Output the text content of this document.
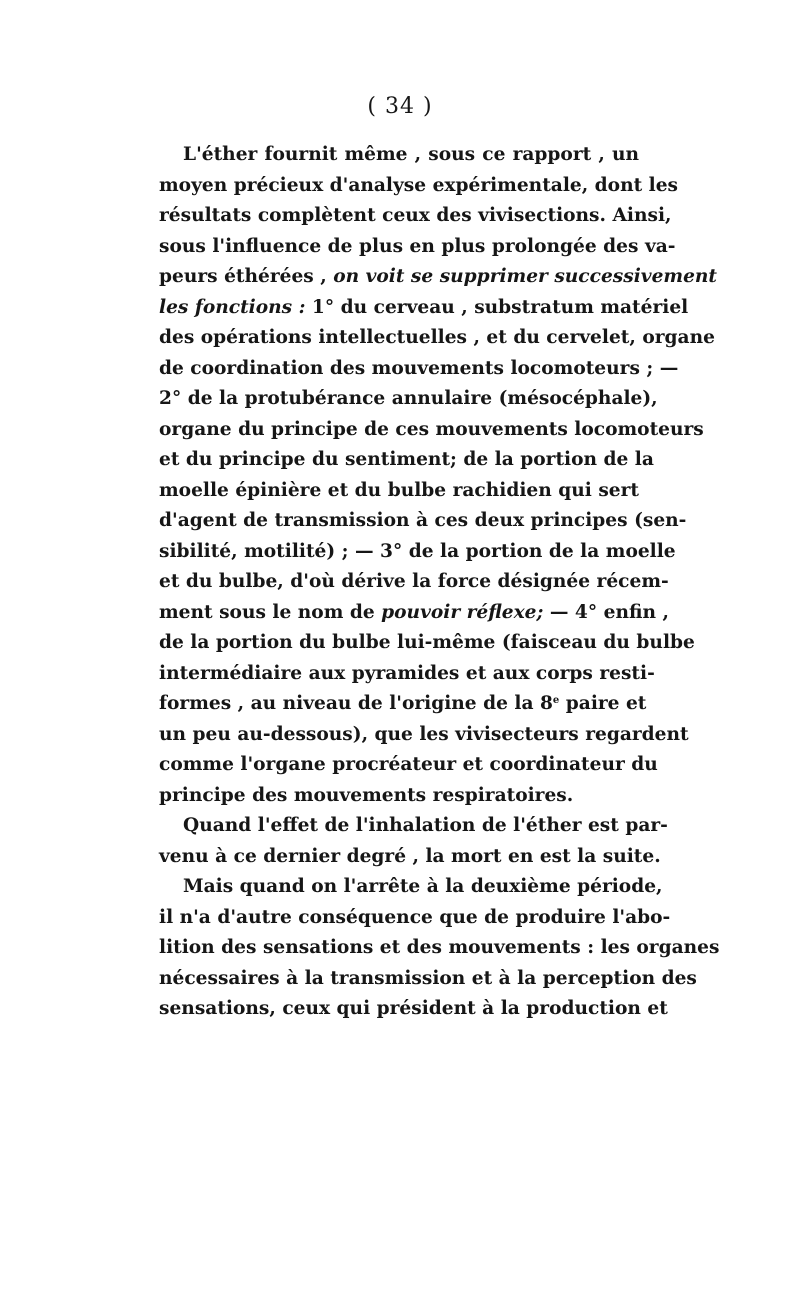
( 34 )
L'éther fournit même , sous ce rapport , un
moyen précieux d'analyse expérimentale, dont les
résultats complètent ceux des vivisections. Ainsi,
sous l'influence de plus en plus prolongée des va-
peurs éthérées , on voit se supprimer successivement
les fonctions : 1° du cerveau , substratum matériel
des opérations intellectuelles , et du cervelet, organe
de coordination des mouvements locomoteurs ; —
2° de la protubérance annulaire (mésocéphale),
organe du principe de ces mouvements locomoteurs
et du principe du sentiment; de la portion de la
moelle épinière et du bulbe rachidien qui sert
d'agent de transmission à ces deux principes (sen-
sibilité, motilité) ; — 3° de la portion de la moelle
et du bulbe, d'où dérive la force désignée récem-
ment sous le nom de pouvoir réflexe; — 4° enfin ,
de la portion du bulbe lui-même (faisceau du bulbe
intermédiaire aux pyramides et aux corps resti-
formes , au niveau de l'origine de la 8e paire et
un peu au-dessous), que les vivisecteurs regardent
comme l'organe procréateur et coordinateur du
principe des mouvements respiratoires.
Quand l'effet de l'inhalation de l'éther est par-
venu à ce dernier degré , la mort en est la suite.
Mais quand on l'arrête à la deuxième période,
il n'a d'autre conséquence que de produire l'abo-
lition des sensations et des mouvements : les organes
nécessaires à la transmission et à la perception des
sensations, ceux qui président à la production et
